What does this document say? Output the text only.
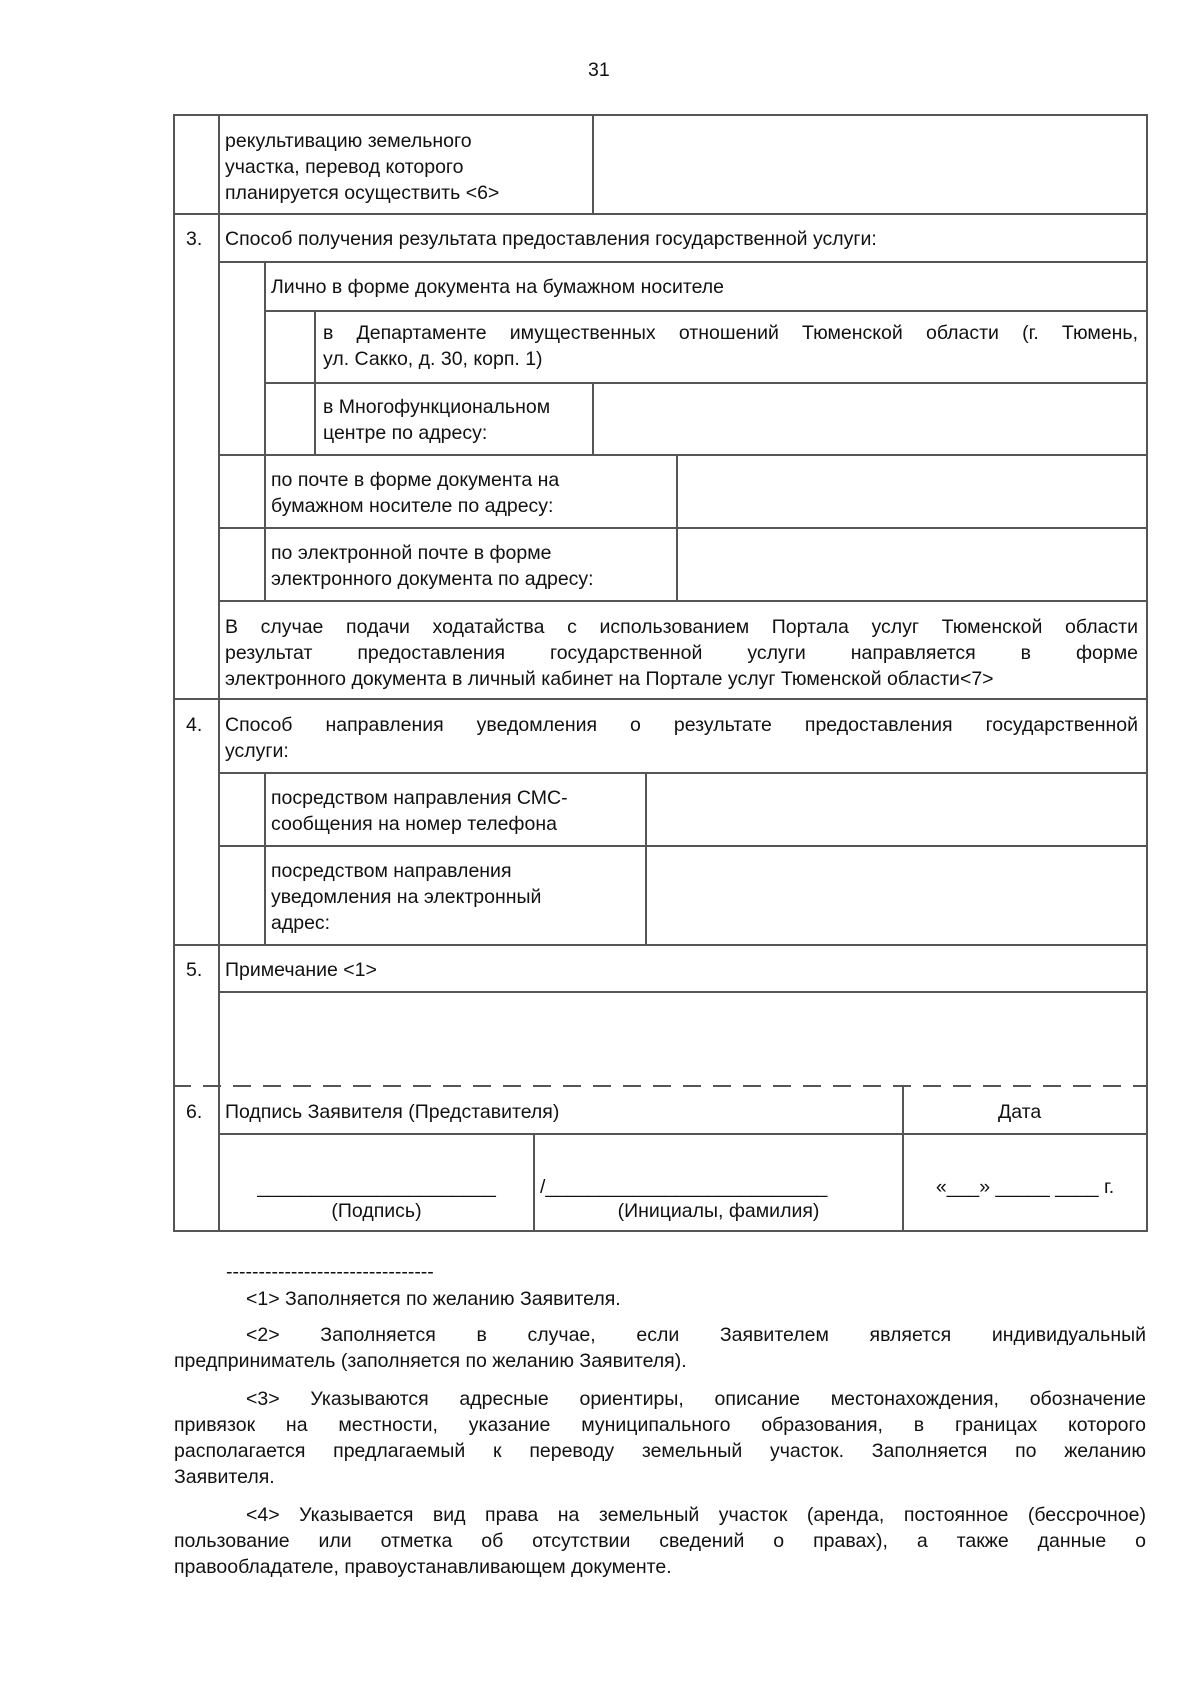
31
рекультивацию земельного
участка, перевод которого
планируется осуществить <6>
3. Способ получения результата предоставления государственной услуги:
Лично в форме документа на бумажном носителе
в Департаменте имущественных отношений Тюменской области (г. Тюмень,
ул. Сакко, д. 30, корп. 1)
в Многофункциональном
центре по адресу:
по почте в форме документа на
бумажном носителе по адресу:
по электронной почте в форме
электронного документа по адресу:
В случае подачи ходатайства с использованием Портала услуг Тюменской области
результат предоставления государственной услуги направляется в форме
электронного документа в личный кабинет на Портале услуг Тюменской области<7>
4. Способ направления уведомления о результате предоставления государственной
услуги:
посредством направления СМС-
сообщения на номер телефона
посредством направления
уведомления на электронный
адрес:
5. Примечание <1>
6. Подпись Заявителя (Представителя)	Дата
______________________
(Подпись)
/__________________________
(Инициалы, фамилия)
«___» _____ ____ г.
--------------------------------
<1> Заполняется по желанию Заявителя.
<2> Заполняется в случае, если Заявителем является индивидуальный
предприниматель (заполняется по желанию Заявителя).
<3> Указываются адресные ориентиры, описание местонахождения, обозначение
привязок на местности, указание муниципального образования, в границах которого
располагается предлагаемый к переводу земельный участок. Заполняется по желанию
Заявителя.
<4> Указывается вид права на земельный участок (аренда, постоянное (бессрочное)
пользование или отметка об отсутствии сведений о правах), а также данные о
правообладателе, правоустанавливающем документе.
